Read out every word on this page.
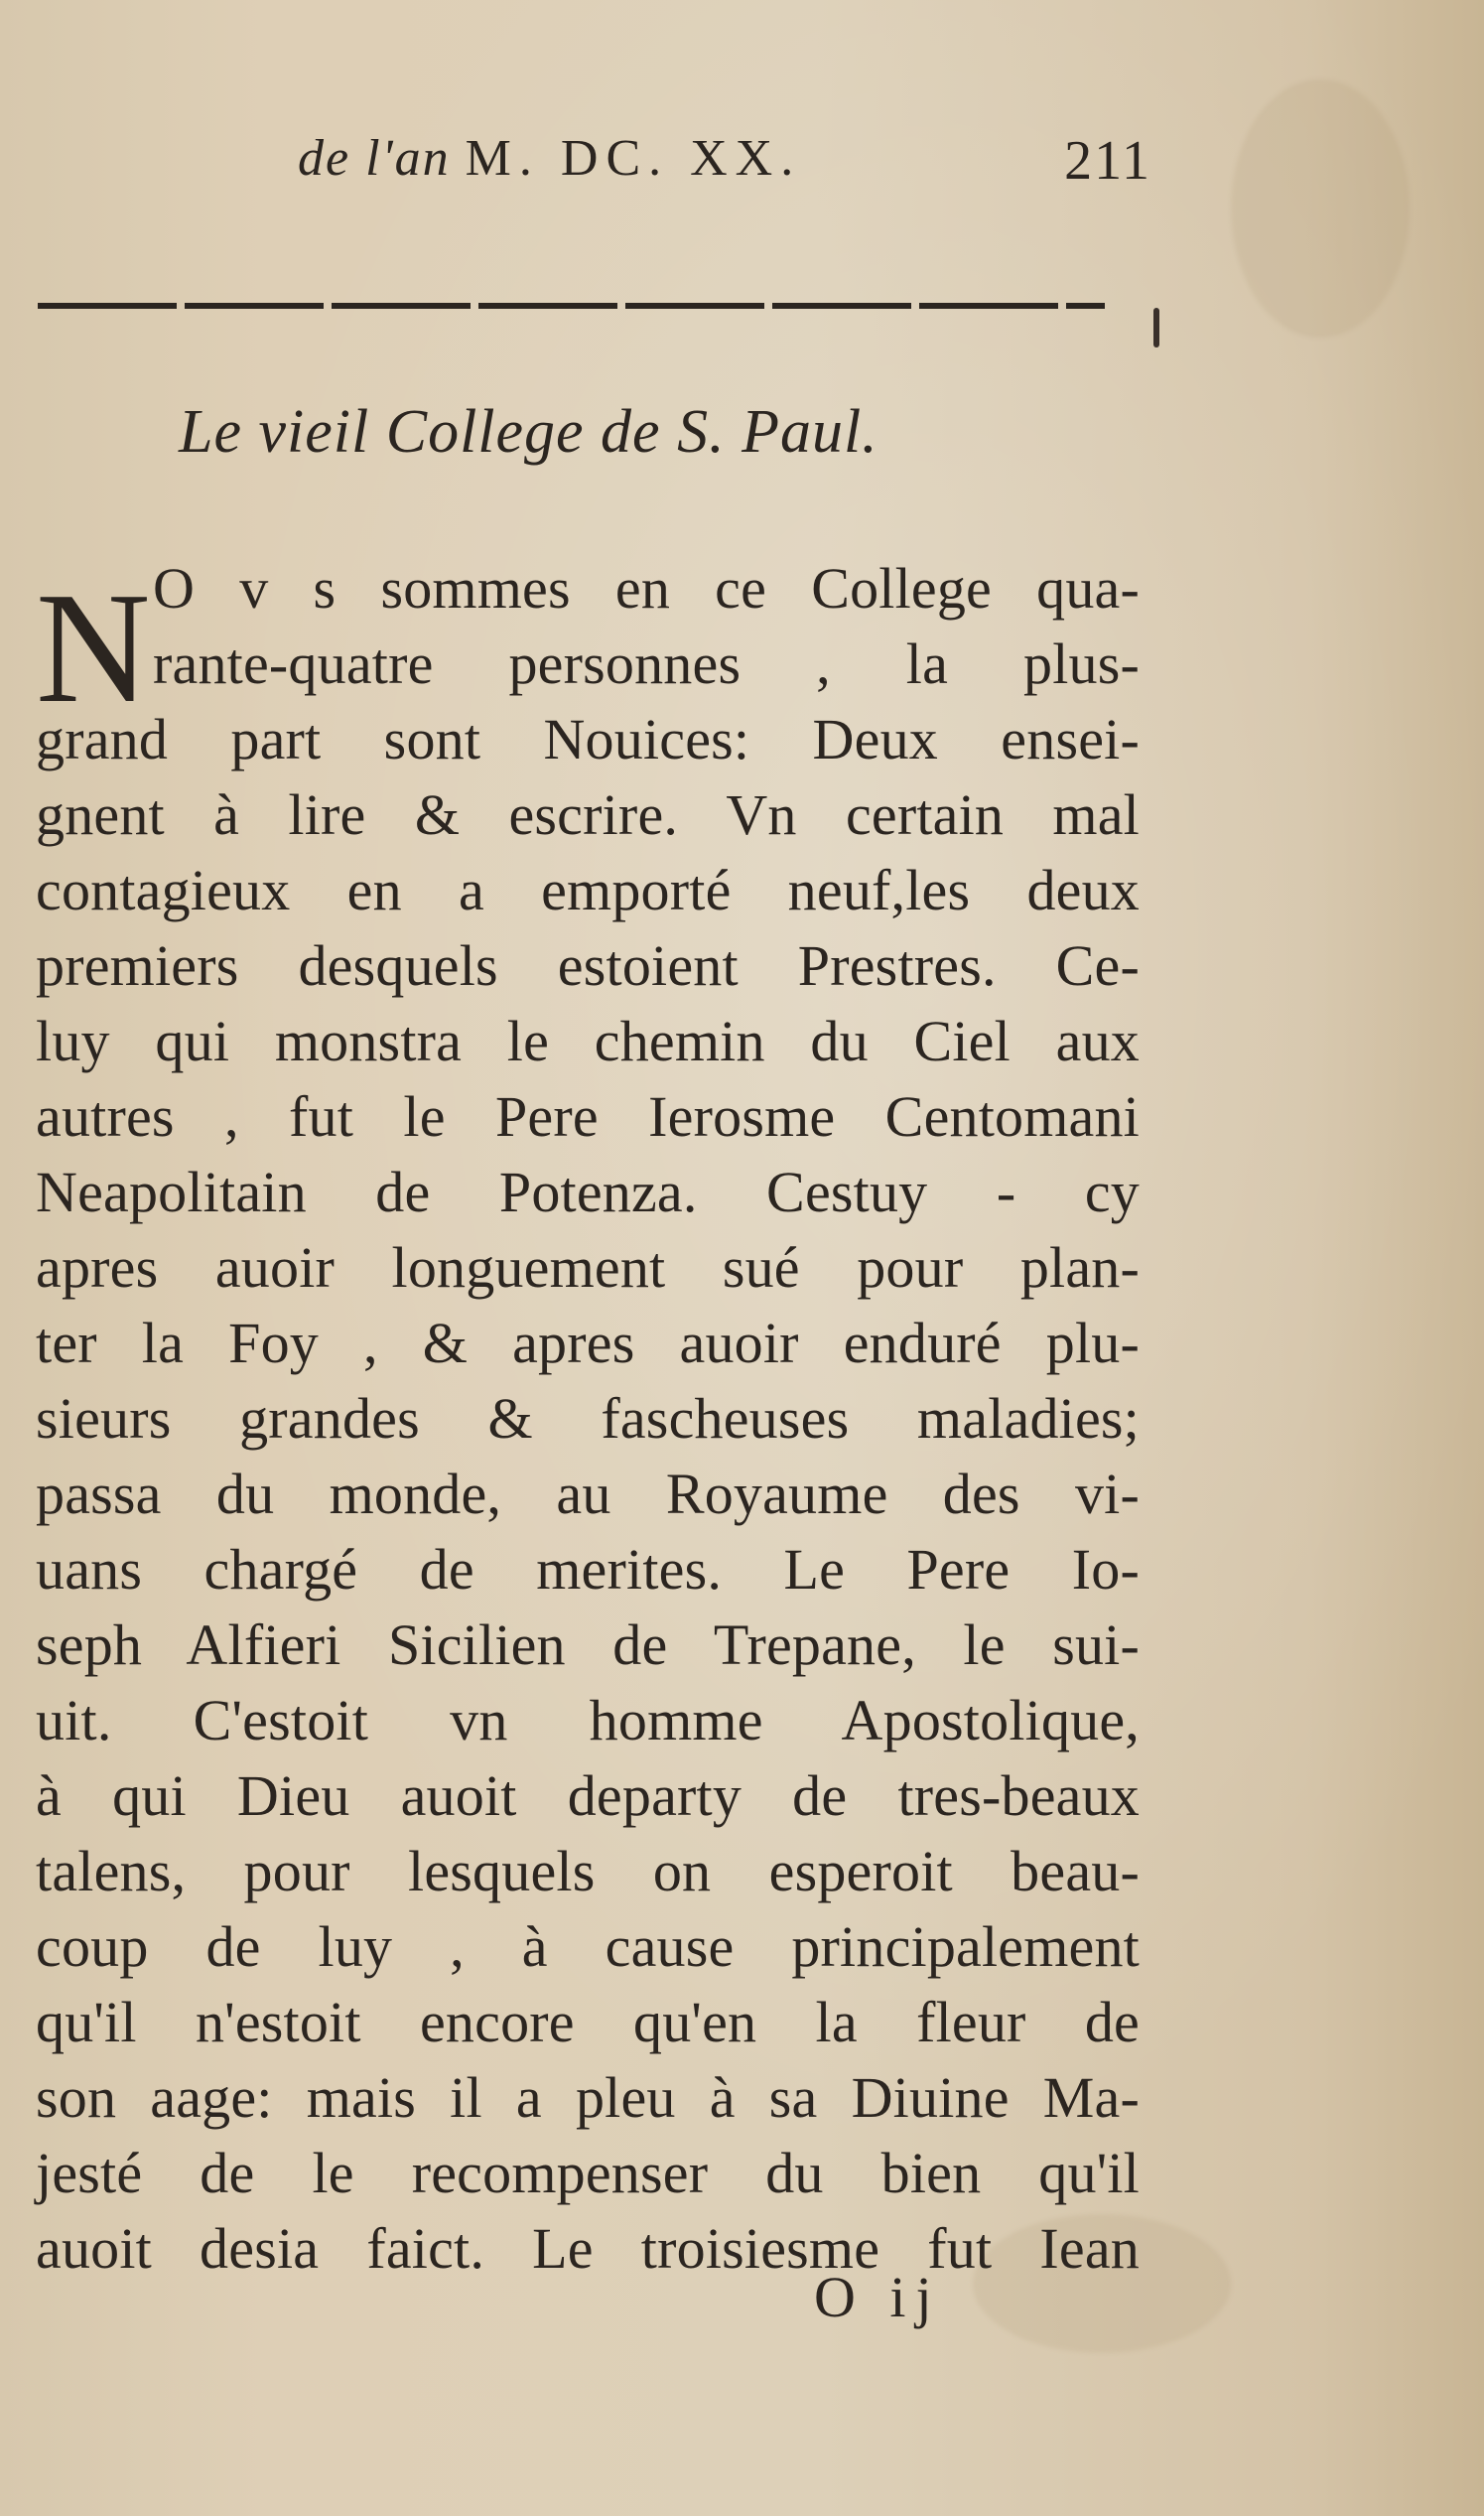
de l'an M. DC. XX.	211
Le vieil College de S. Paul.
N O v s sommes en ce College qua-
rante-quatre personnes , la plus-
grand part sont Nouices: Deux ensei-
gnent à lire & escrire. Vn certain mal
contagieux en a emporté neuf,les deux
premiers desquels estoient Prestres. Ce-
luy qui monstra le chemin du Ciel aux
autres , fut le Pere Ierosme Centomani
Neapolitain de Potenza. Cestuy - cy
apres auoir longuement sué pour plan-
ter la Foy , & apres auoir enduré plu-
sieurs grandes & fascheuses maladies;
passa du monde, au Royaume des vi-
uans chargé de merites. Le Pere Io-
seph Alfieri Sicilien de Trepane, le sui-
uit. C'estoit vn homme Apostolique,
à qui Dieu auoit departy de tres-beaux
talens, pour lesquels on esperoit beau-
coup de luy , à cause principalement
qu'il n'estoit encore qu'en la fleur de
son aage: mais il a pleu à sa Diuine Ma-
jesté de le recompenser du bien qu'il
auoit desia faict. Le troisiesme fut Iean
O ij
